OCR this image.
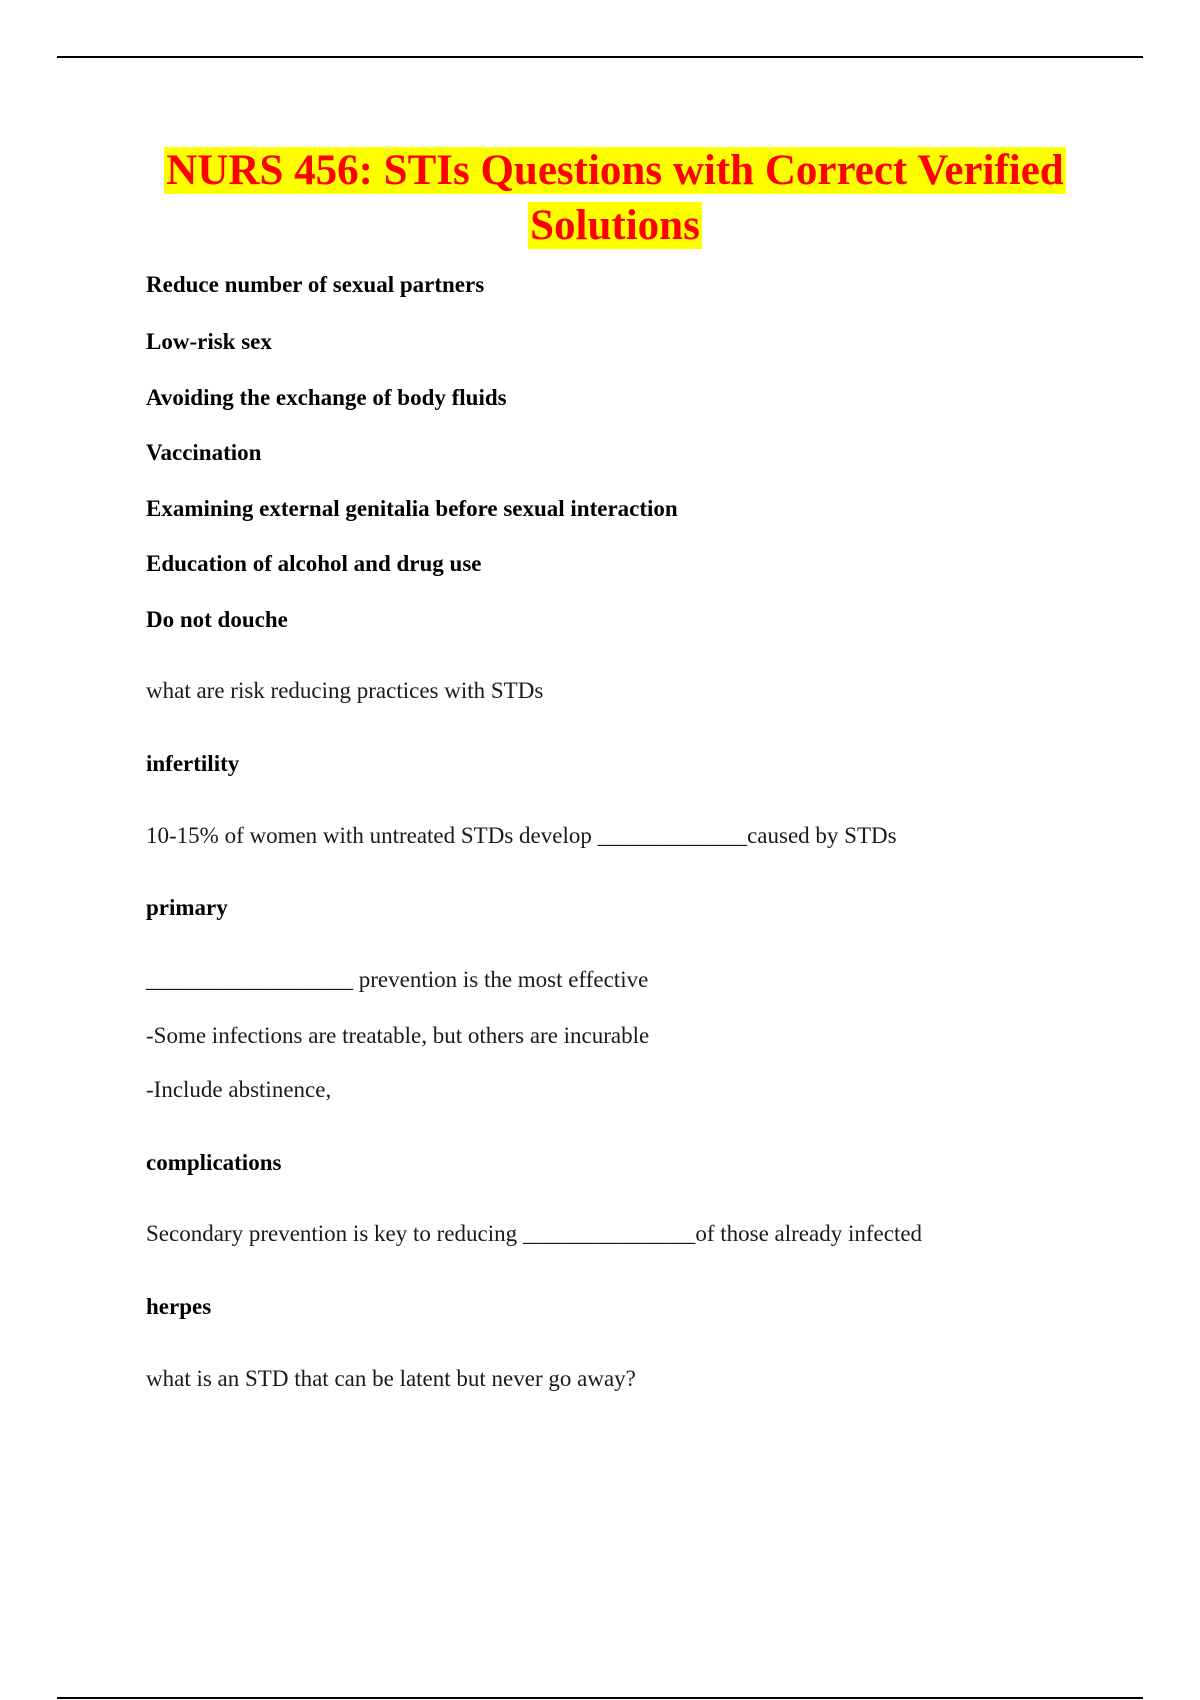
NURS 456: STIs Questions with Correct Verified Solutions
Reduce number of sexual partners
Low-risk sex
Avoiding the exchange of body fluids
Vaccination
Examining external genitalia before sexual interaction
Education of alcohol and drug use
Do not douche
what are risk reducing practices with STDs
infertility
10-15% of women with untreated STDs develop _____________caused by STDs
primary
__________________ prevention is the most effective
-Some infections are treatable, but others are incurable
-Include abstinence,
complications
Secondary prevention is key to reducing _______________of those already infected
herpes
what is an STD that can be latent but never go away?
